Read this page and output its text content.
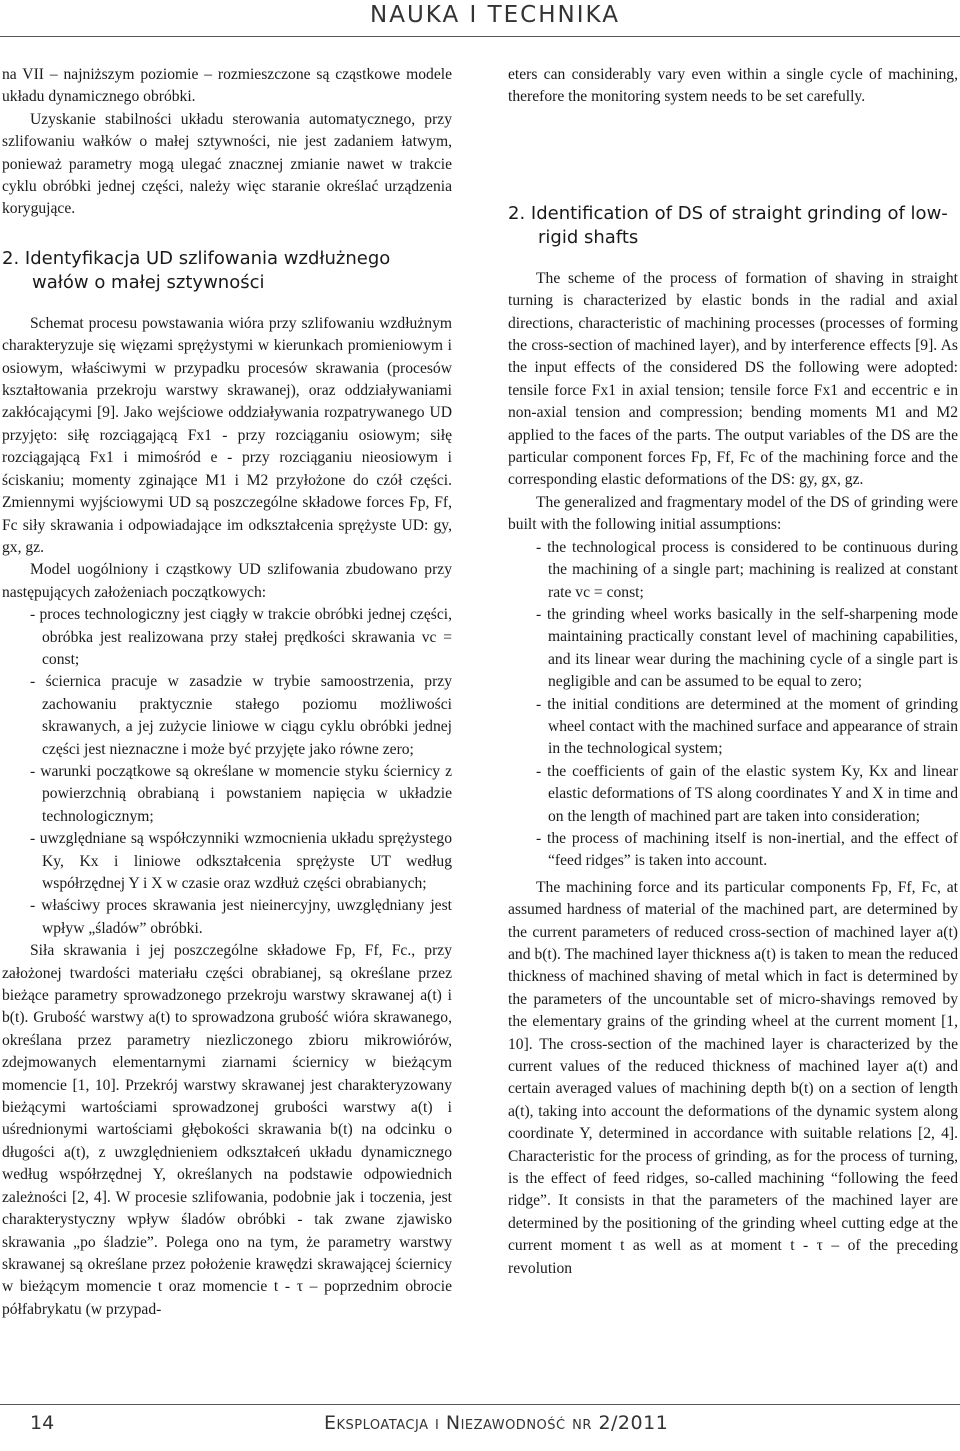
NAUKA I TECHNIKA

na VII – najniższym poziomie – rozmieszczone są cząstkowe modele układu dynamicznego obróbki.

Uzyskanie stabilności układu sterowania automatycznego, przy szlifowaniu wałków o małej sztywności, nie jest zadaniem łatwym, ponieważ parametry mogą ulegać znacznej zmianie nawet w trakcie cyklu obróbki jednej części, należy więc staranie określać urządzenia korygujące.

2. Identyfikacja UD szlifowania wzdłużnego wałów o małej sztywności

Schemat procesu powstawania wióra przy szlifowaniu wzdłużnym charakteryzuje się więzami sprężystymi w kierunkach promieniowym i osiowym, właściwymi w przypadku procesów skrawania (procesów kształtowania przekroju warstwy skrawanej), oraz oddziaływaniami zakłócającymi [9]. Jako wejściowe oddziaływania rozpatrywanego UD przyjęto: siłę rozciągającą Fx1 - przy rozciąganiu osiowym; siłę rozciągającą Fx1 i mimośród e - przy rozciąganiu nieosiowym i ściskaniu; momenty zginające M1 i M2 przyłożone do czół części. Zmiennymi wyjściowymi UD są poszczególne składowe forces Fp, Ff, Fc siły skrawania i odpowiadające im odkształcenia sprężyste UD: gy, gx, gz.

Model uogólniony i cząstkowy UD szlifowania zbudowano przy następujących założeniach początkowych:

- proces technologiczny jest ciągły w trakcie obróbki jednej części, obróbka jest realizowana przy stałej prędkości skrawania vc = const;
- ściernica pracuje w zasadzie w trybie samoostrzenia, przy zachowaniu praktycznie stałego poziomu możliwości skrawanych, a jej zużycie liniowe w ciągu cyklu obróbki jednej części jest nieznaczne i może być przyjęte jako równe zero;
- warunki początkowe są określane w momencie styku ściernicy z powierzchnią obrabianą i powstaniem napięcia w układzie technologicznym;
- uwzględniane są współczynniki wzmocnienia układu sprężystego Ky, Kx i liniowe odkształcenia sprężyste UT według współrzędnej Y i X w czasie oraz wzdłuż części obrabianych;
- właściwy proces skrawania jest nieinercyjny, uwzględniany jest wpływ „śladów” obróbki.

Siła skrawania i jej poszczególne składowe Fp, Ff, Fc., przy założonej twardości materiału części obrabianej, są określane przez bieżące parametry sprowadzonego przekroju warstwy skrawanej a(t) i b(t). Grubość warstwy a(t) to sprowadzona grubość wióra skrawanego, określana przez parametry niezliczonego zbioru mikrowiórów, zdejmowanych elementarnymi ziarnami ściernicy w bieżącym momencie [1, 10]. Przekrój warstwy skrawanej jest charakteryzowany bieżącymi wartościami sprowadzonej grubości warstwy a(t) i uśrednionymi wartościami głębokości skrawania b(t) na odcinku o długości a(t), z uwzględnieniem odkształceń układu dynamicznego według współrzędnej Y, określanych na podstawie odpowiednich zależności [2, 4]. W procesie szlifowania, podobnie jak i toczenia, jest charakterystyczny wpływ śladów obróbki - tak zwane zjawisko skrawania „po śladzie”. Polega ono na tym, że parametry warstwy skrawanej są określane przez położenie krawędzi skrawającej ściernicy w bieżącym momencie t oraz momencie t - τ – poprzednim obrocie półfabrykatu (w przypad-

eters can considerably vary even within a single cycle of machining, therefore the monitoring system needs to be set carefully.

2. Identification of DS of straight grinding of low-rigid shafts

The scheme of the process of formation of shaving in straight turning is characterized by elastic bonds in the radial and axial directions, characteristic of machining processes (processes of forming the cross-section of machined layer), and by interference effects [9]. As the input effects of the considered DS the following were adopted: tensile force Fx1 in axial tension; tensile force Fx1 and eccentric e in non-axial tension and compression; bending moments M1 and M2 applied to the faces of the parts. The output variables of the DS are the particular component forces Fp, Ff, Fc of the machining force and the corresponding elastic deformations of the DS: gy, gx, gz.

The generalized and fragmentary model of the DS of grinding were built with the following initial assumptions:

- the technological process is considered to be continuous during the machining of a single part; machining is realized at constant rate vc = const;
- the grinding wheel works basically in the self-sharpening mode maintaining practically constant level of machining capabilities, and its linear wear during the machining cycle of a single part is negligible and can be assumed to be equal to zero;
- the initial conditions are determined at the moment of grinding wheel contact with the machined surface and appearance of strain in the technological system;
- the coefficients of gain of the elastic system Ky, Kx and linear elastic deformations of TS along coordinates Y and X in time and on the length of machined part are taken into consideration;
- the process of machining itself is non-inertial, and the effect of “feed ridges” is taken into account.

The machining force and its particular components Fp, Ff, Fc, at assumed hardness of material of the machined part, are determined by the current parameters of reduced cross-section of machined layer a(t) and b(t). The machined layer thickness a(t) is taken to mean the reduced thickness of machined shaving of metal which in fact is determined by the parameters of the uncountable set of micro-shavings removed by the elementary grains of the grinding wheel at the current moment [1, 10]. The cross-section of the machined layer is characterized by the current values of the reduced thickness of machined layer a(t) and certain averaged values of machining depth b(t) on a section of length a(t), taking into account the deformations of the dynamic system along coordinate Y, determined in accordance with suitable relations [2, 4]. Characteristic for the process of grinding, as for the process of turning, is the effect of feed ridges, so-called machining “following the feed ridge”. It consists in that the parameters of the machined layer are determined by the positioning of the grinding wheel cutting edge at the current moment t as well as at moment t - τ – of the preceding revolution

14	Eksploatacja i Niezawodność nr 2/2011
